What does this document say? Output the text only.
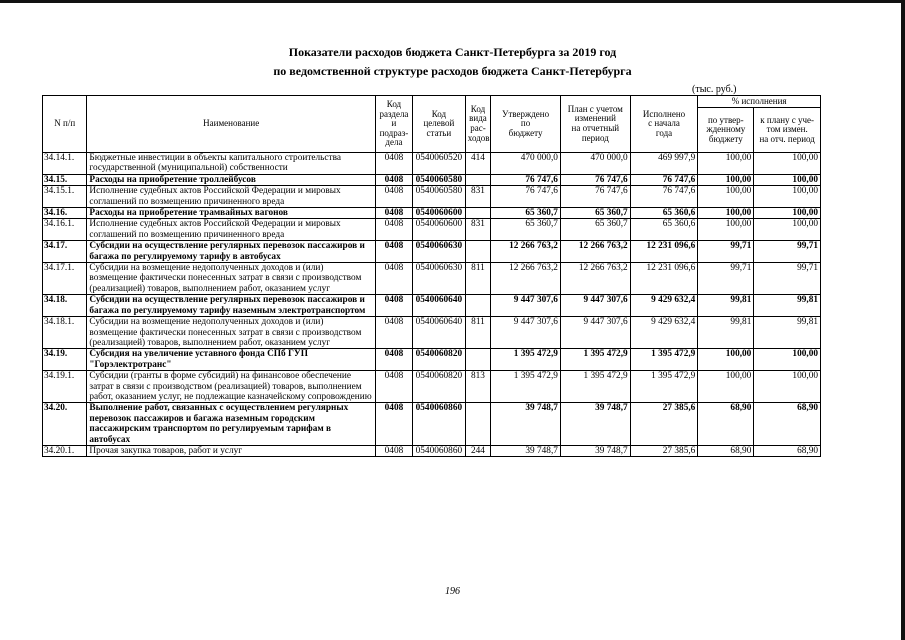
Показатели расходов бюджета Санкт-Петербурга за 2019 год
по ведомственной структуре расходов бюджета Санкт-Петербурга
(тыс. руб.)
N п/п	Наименование	Код
раздела и
подраз-
дела	Код
целевой
статьи	Код
вида
рас-
ходов	Утверждено
по
бюджету	План с учетом
изменений
на отчетный
период	Исполнено
с начала
года	% исполнения	
								по утвер-
жденному
бюджету	к плану с уче-
том измен.
на отч. период
34.14.1.	Бюджетные инвестиции в объекты капитального строительства государственной (муниципальной) собственности	0408	0540060520	414	470 000,0	470 000,0	469 997,9	100,00	100,00
34.15.	Расходы на приобретение троллейбусов	0408	0540060580		76 747,6	76 747,6	76 747,6	100,00	100,00
34.15.1.	Исполнение судебных актов Российской Федерации и мировых соглашений по возмещению причиненного вреда	0408	0540060580	831	76 747,6	76 747,6	76 747,6	100,00	100,00
34.16.	Расходы на приобретение трамвайных вагонов	0408	0540060600		65 360,7	65 360,7	65 360,6	100,00	100,00
34.16.1.	Исполнение судебных актов Российской Федерации и мировых соглашений по возмещению причиненного вреда	0408	0540060600	831	65 360,7	65 360,7	65 360,6	100,00	100,00
34.17.	Субсидии на осуществление регулярных перевозок пассажиров и багажа по регулируемому тарифу в автобусах	0408	0540060630		12 266 763,2	12 266 763,2	12 231 096,6	99,71	99,71
34.17.1.	Субсидии на возмещение недополученных доходов и (или) возмещение фактически понесенных затрат в связи с производством (реализацией) товаров, выполнением работ, оказанием услуг	0408	0540060630	811	12 266 763,2	12 266 763,2	12 231 096,6	99,71	99,71
34.18.	Субсидии на осуществление регулярных перевозок пассажиров и багажа по регулируемому тарифу наземным электротранспортом	0408	0540060640		9 447 307,6	9 447 307,6	9 429 632,4	99,81	99,81
34.18.1.	Субсидии на возмещение недополученных доходов и (или) возмещение фактически понесенных затрат в связи с производством (реализацией) товаров, выполнением работ, оказанием услуг	0408	0540060640	811	9 447 307,6	9 447 307,6	9 429 632,4	99,81	99,81
34.19.	Субсидия на увеличение уставного фонда СПб ГУП "Горэлектротранс"	0408	0540060820		1 395 472,9	1 395 472,9	1 395 472,9	100,00	100,00
34.19.1.	Субсидии (гранты в форме субсидий) на финансовое обеспечение затрат в связи с производством (реализацией) товаров, выполнением работ, оказанием услуг, не подлежащие казначейскому сопровождению	0408	0540060820	813	1 395 472,9	1 395 472,9	1 395 472,9	100,00	100,00
34.20.	Выполнение работ, связанных с осуществлением регулярных перевозок пассажиров и багажа наземным городским пассажирским транспортом по регулируемым тарифам в автобусах	0408	0540060860		39 748,7	39 748,7	27 385,6	68,90	68,90
34.20.1.	Прочая закупка товаров, работ и услуг	0408	0540060860	244	39 748,7	39 748,7	27 385,6	68,90	68,90
196
